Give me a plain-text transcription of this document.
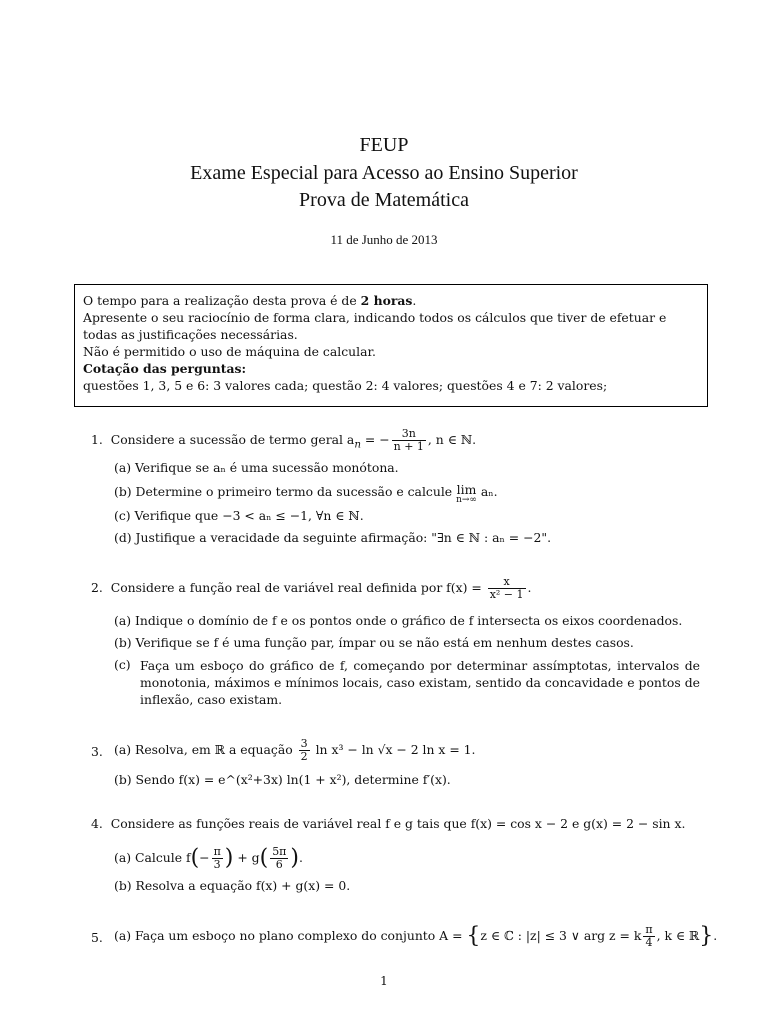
FEUP
Exame Especial para Acesso ao Ensino Superior
Prova de Matemática
11 de Junho de 2013

O tempo para a realização desta prova é de 2 horas.

Apresente o seu raciocínio de forma clara, indicando todos os cálculos que tiver de efetuar e todas as justificações necessárias.

Não é permitido o uso de máquina de calcular.

Cotação das perguntas:

questões 1, 3, 5 e 6: 3 valores cada; questão 2: 4 valores; questões 4 e 7: 2 valores;

1. Considere a sucessão de termo geral $a_n$ = − $\frac{3n}{n + 1}$ , n ∈ ℕ.
(a) Verifique se aₙ é uma sucessão monótona.
(b) Determine o primeiro termo da sucessão e calcule lim
n→∞
aₙ.
(c) Verifique que −3 < aₙ ≤ −1, ∀n ∈ ℕ.
(d) Justifique a veracidade da seguinte afirmação: "∃n ∈ ℕ : aₙ = −2".
2. Considere a função real de variável real definida por $f(x) = \frac{x}{\text{x² − 1}}$ .
(a) Indique o domínio de f e os pontos onde o gráfico de f intersecta os eixos coordenados.
(b) Verifique se f é uma função par, ímpar ou se não está em nenhum destes casos.
(c) Faça um esboço do gráfico de f, começando por determinar assímptotas, intervalos de monotonia, máximos e mínimos locais, caso existam, sentido da concavidade e pontos de inflexão, caso existam.
3. (a) Resolva, em ℝ a equação $\frac{3}{2}$ ln x³ − ln √x − 2 ln x = 1.
(b) Sendo f(x) = e^(x²+3x) ln(1 + x²), determine f′(x).
4. Considere as funções reais de variável real f e g tais que f(x) = cos x − 2 e g(x) = 2 − sin x.
(a) Calcule $f(- \frac{\pi}{3}$ ) + $g( \frac{5\pi}{6}$ ).
(b) Resolva a equação f(x) + g(x) = 0.
5. (a) Faça um esboço no plano complexo do conjunto A = {z ∈ ℂ : |z| ≤ 3 ∨ arg z = k $\frac{\pi}{4}$ , k ∈ ℝ}.
1
